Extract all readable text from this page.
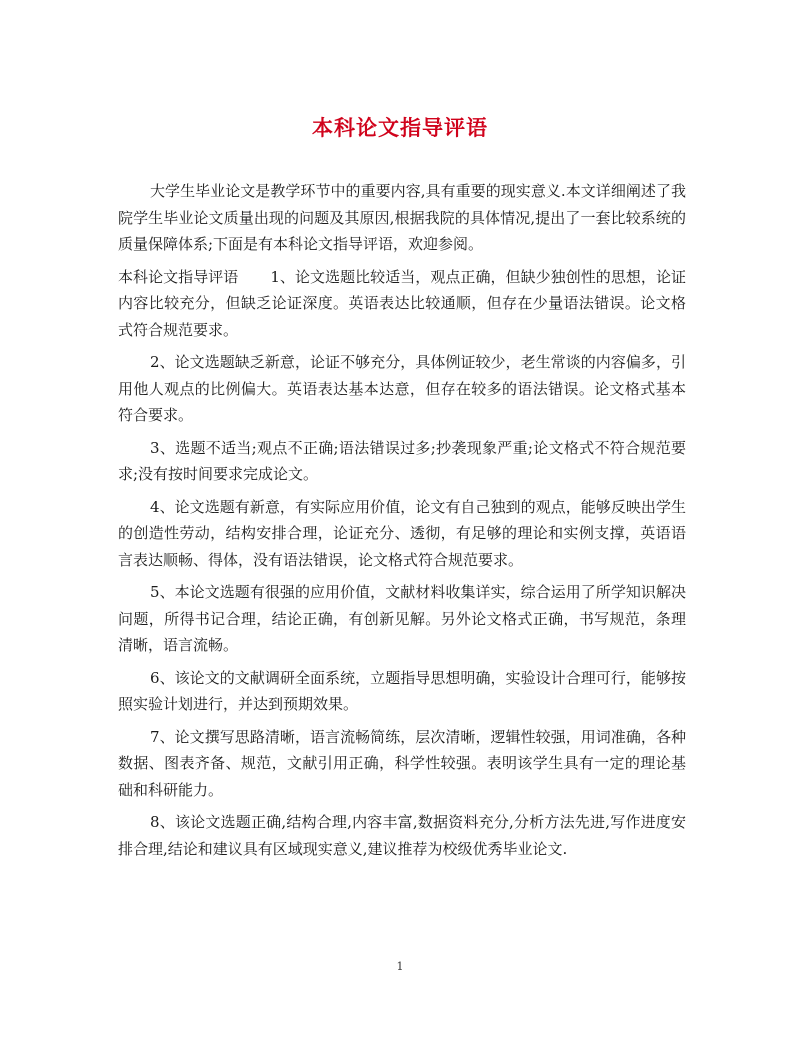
本科论文指导评语

大学生毕业论文是教学环节中的重要内容,具有重要的现实意义.本文详细阐述了我院学生毕业论文质量出现的问题及其原因,根据我院的具体情况,提出了一套比较系统的质量保障体系;下面是有本科论文指导评语，欢迎参阅。

本科论文指导评语 1、论文选题比较适当，观点正确，但缺少独创性的思想，论证内容比较充分，但缺乏论证深度。英语表达比较通顺，但存在少量语法错误。论文格式符合规范要求。

2、论文选题缺乏新意，论证不够充分，具体例证较少，老生常谈的内容偏多，引用他人观点的比例偏大。英语表达基本达意，但存在较多的语法错误。论文格式基本符合要求。

3、选题不适当;观点不正确;语法错误过多;抄袭现象严重;论文格式不符合规范要求;没有按时间要求完成论文。

4、论文选题有新意，有实际应用价值，论文有自己独到的观点，能够反映出学生的创造性劳动，结构安排合理，论证充分、透彻，有足够的理论和实例支撑，英语语言表达顺畅、得体，没有语法错误，论文格式符合规范要求。

5、本论文选题有很强的应用价值，文献材料收集详实，综合运用了所学知识解决问题，所得书记合理，结论正确，有创新见解。另外论文格式正确，书写规范，条理清晰，语言流畅。

6、该论文的文献调研全面系统，立题指导思想明确，实验设计合理可行，能够按照实验计划进行，并达到预期效果。

7、论文撰写思路清晰，语言流畅简练，层次清晰，逻辑性较强，用词准确，各种数据、图表齐备、规范，文献引用正确，科学性较强。表明该学生具有一定的理论基础和科研能力。

8、该论文选题正确,结构合理,内容丰富,数据资料充分,分析方法先进,写作进度安排合理,结论和建议具有区域现实意义,建议推荐为校级优秀毕业论文.

1
